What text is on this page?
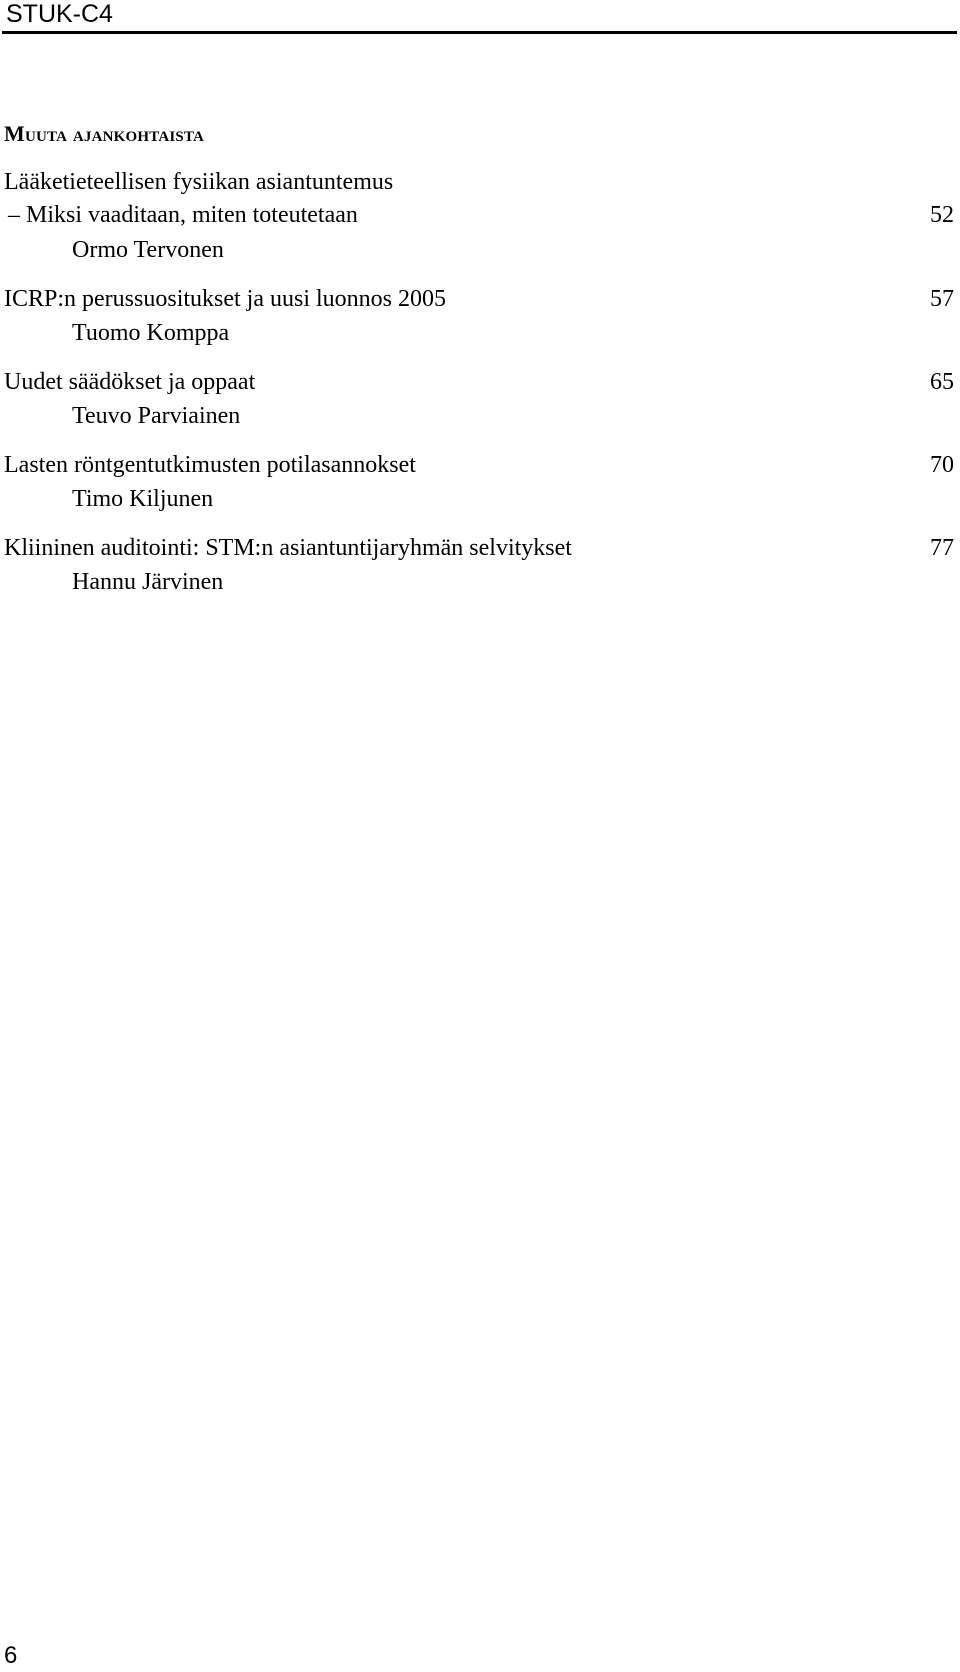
STUK-C4
Muuta ajankohtaista
Lääketieteellisen fysiikan asiantuntemus
– Miksi vaaditaan, miten toteutetaan	52
Ormo Tervonen
ICRP:n perussuositukset ja uusi luonnos 2005	57
Tuomo Komppa
Uudet säädökset ja oppaat	65
Teuvo Parviainen
Lasten röntgentutkimusten potilasannokset	70
Timo Kiljunen
Kliininen auditointi: STM:n asiantuntijaryhmän selvitykset	77
Hannu Järvinen
6
